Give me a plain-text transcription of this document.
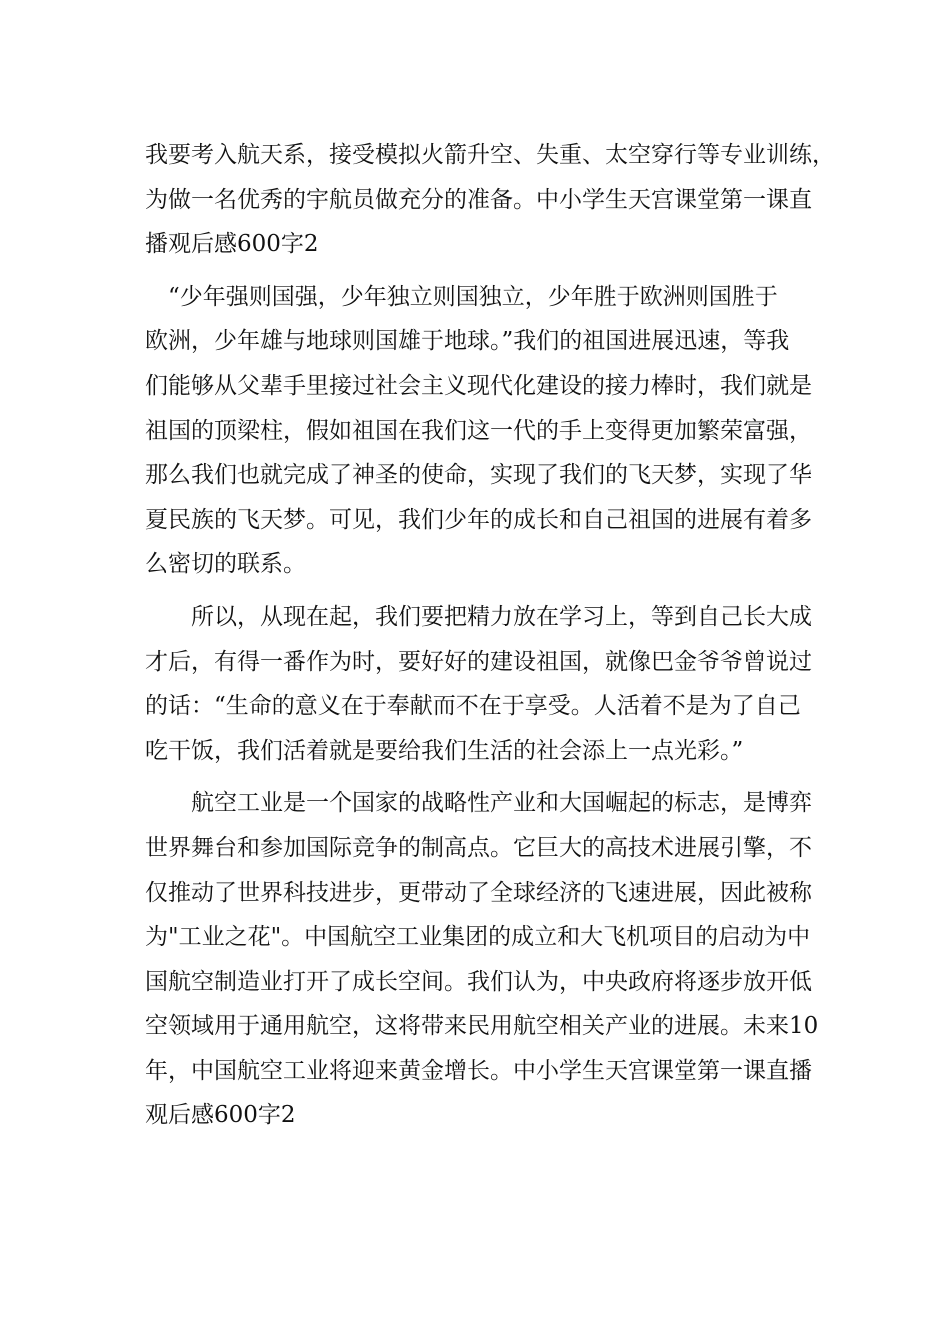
我要考入航天系，接受模拟火箭升空、失重、太空穿行等专业训练，
为做一名优秀的宇航员做充分的准备。中小学生天宫课堂第一课直
播观后感600字2
　“少年强则国强，少年独立则国独立，少年胜于欧洲则国胜于
欧洲，少年雄与地球则国雄于地球。”我们的祖国进展迅速，等我
们能够从父辈手里接过社会主义现代化建设的接力棒时，我们就是
祖国的顶梁柱，假如祖国在我们这一代的手上变得更加繁荣富强，
那么我们也就完成了神圣的使命，实现了我们的飞天梦，实现了华
夏民族的飞天梦。可见，我们少年的成长和自己祖国的进展有着多
么密切的联系。
　　所以，从现在起，我们要把精力放在学习上，等到自己长大成
才后，有得一番作为时，要好好的建设祖国，就像巴金爷爷曾说过
的话：“生命的意义在于奉献而不在于享受。人活着不是为了自己
吃干饭，我们活着就是要给我们生活的社会添上一点光彩。”
　　航空工业是一个国家的战略性产业和大国崛起的标志，是博弈
世界舞台和参加国际竞争的制高点。它巨大的高技术进展引擎，不
仅推动了世界科技进步，更带动了全球经济的飞速进展，因此被称
为"工业之花"。中国航空工业集团的成立和大飞机项目的启动为中
国航空制造业打开了成长空间。我们认为，中央政府将逐步放开低
空领域用于通用航空，这将带来民用航空相关产业的进展。未来10
年，中国航空工业将迎来黄金增长。中小学生天宫课堂第一课直播
观后感600字2
